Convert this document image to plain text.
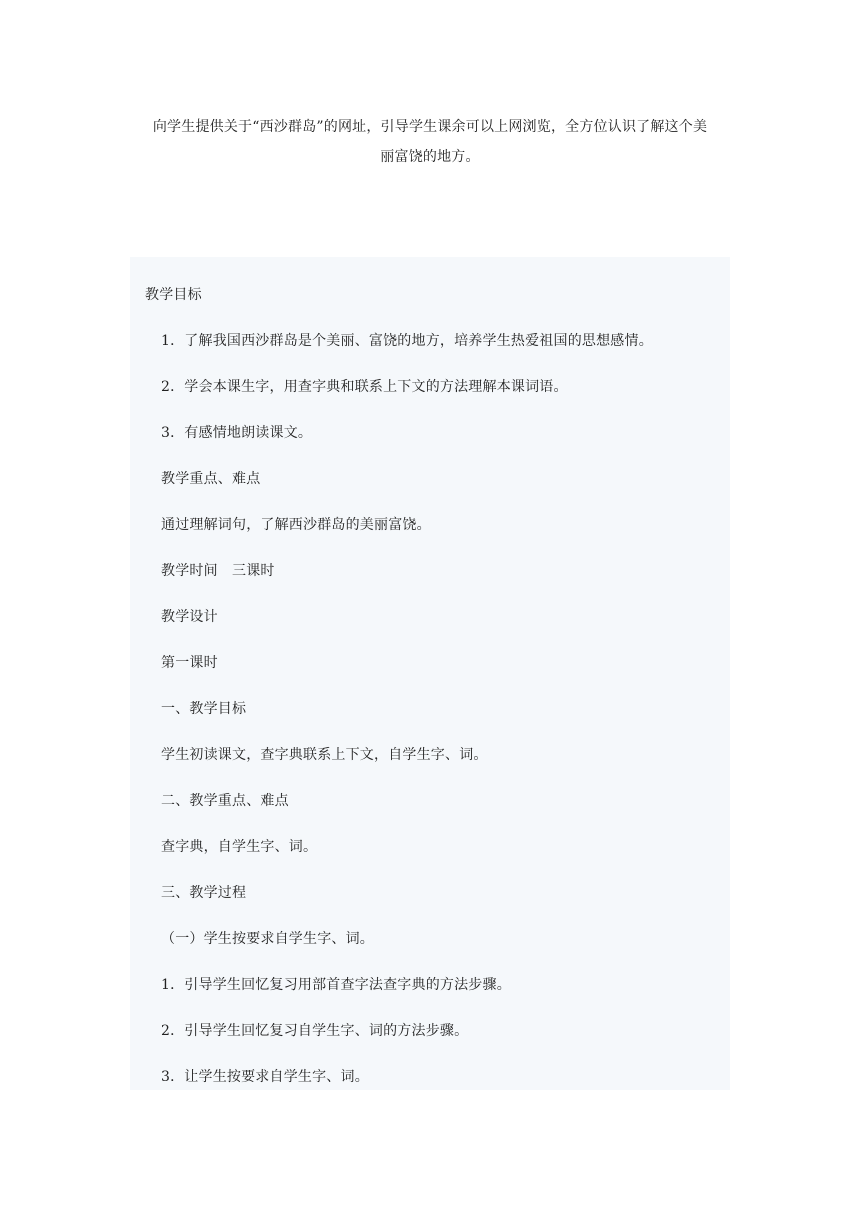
向学生提供关于“西沙群岛”的网址，引导学生课余可以上网浏览，全方位认识了解这个美
丽富饶的地方。
教学目标
1．了解我国西沙群岛是个美丽、富饶的地方，培养学生热爱祖国的思想感情。
2．学会本课生字，用查字典和联系上下文的方法理解本课词语。
3．有感情地朗读课文。
教学重点、难点
通过理解词句，了解西沙群岛的美丽富饶。
教学时间　三课时
教学设计
第一课时
一、教学目标
学生初读课文，查字典联系上下文，自学生字、词。
二、教学重点、难点
查字典，自学生字、词。
三、教学过程
（一）学生按要求自学生字、词。
1．引导学生回忆复习用部首查字法查字典的方法步骤。
2．引导学生回忆复习自学生字、词的方法步骤。
3．让学生按要求自学生字、词。
